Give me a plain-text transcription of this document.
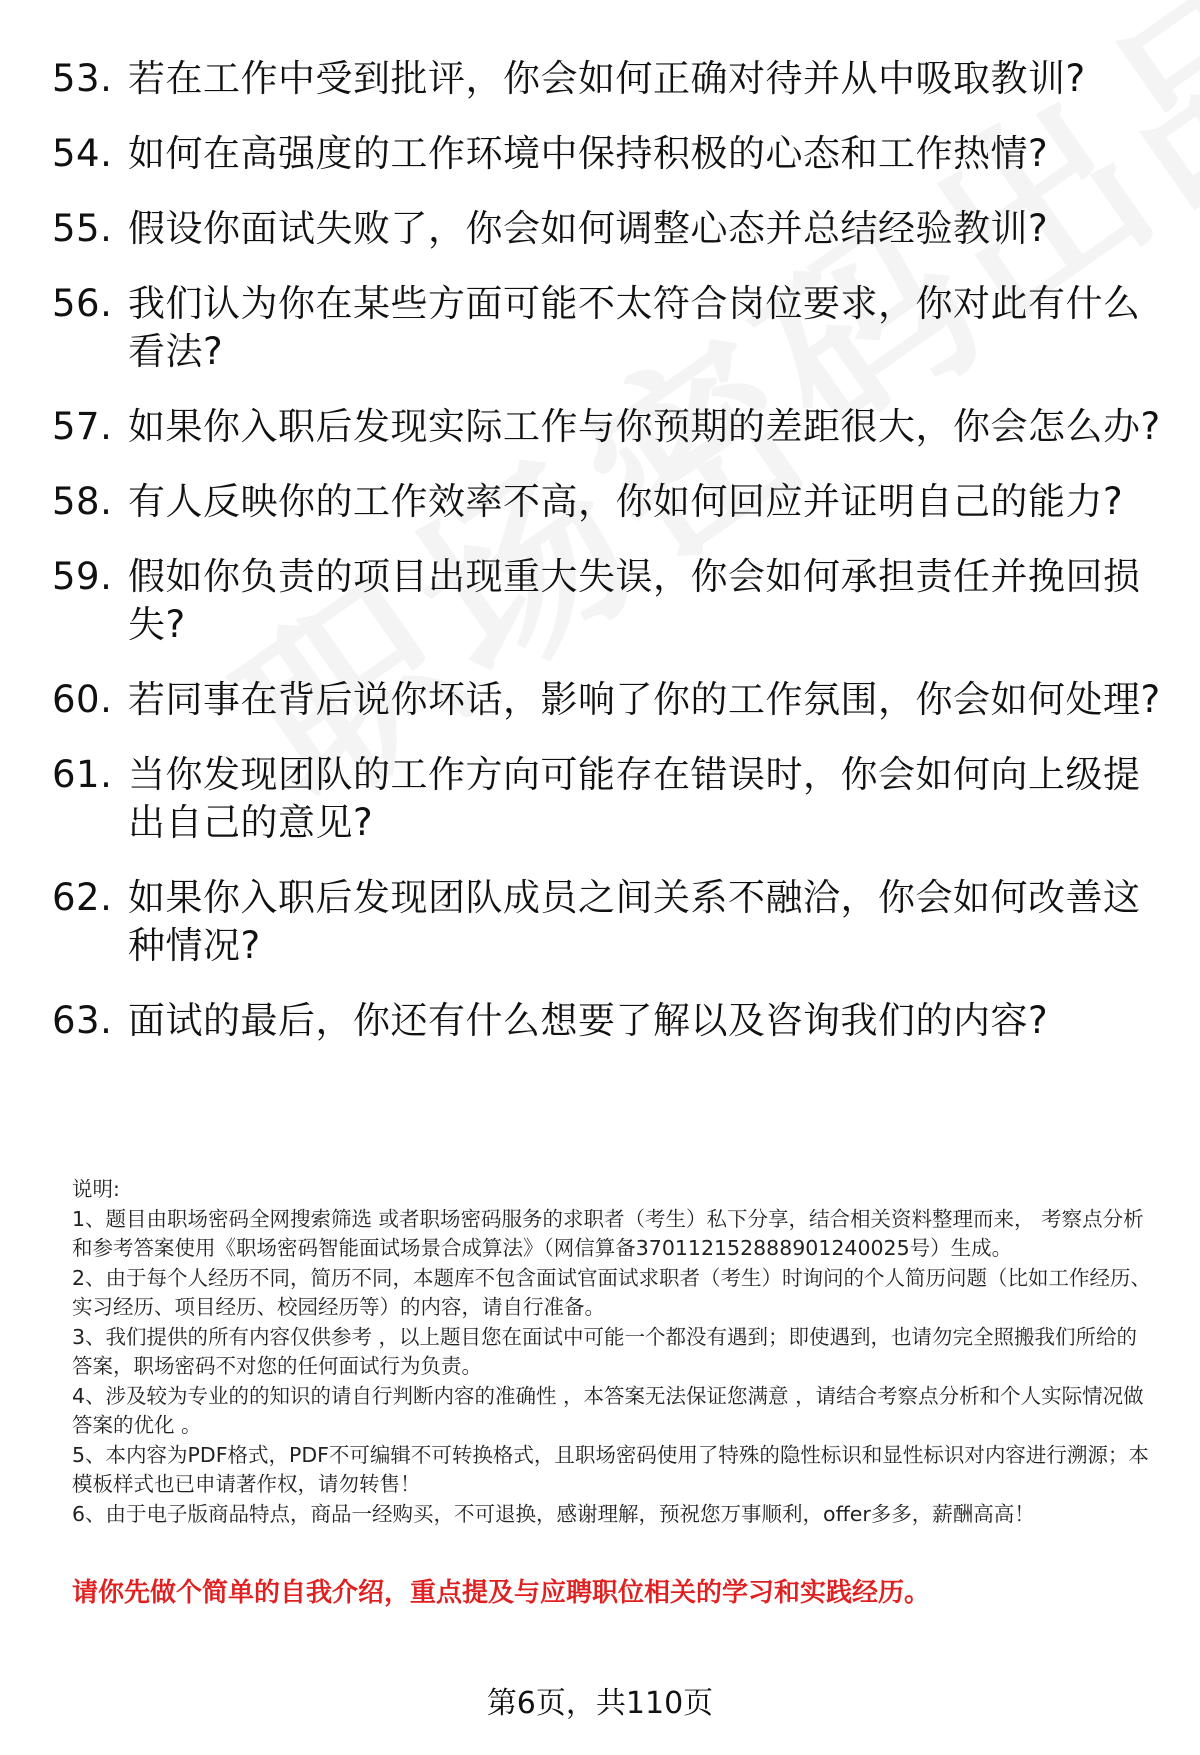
53. 若在工作中受到批评，你会如何正确对待并从中吸取教训?
54. 如何在高强度的工作环境中保持积极的心态和工作热情?
55. 假设你面试失败了，你会如何调整心态并总结经验教训?
56. 我们认为你在某些方面可能不太符合岗位要求，你对此有什么看法?
57. 如果你入职后发现实际工作与你预期的差距很大，你会怎么办?
58. 有人反映你的工作效率不高，你如何回应并证明自己的能力?
59. 假如你负责的项目出现重大失误，你会如何承担责任并挽回损失?
60. 若同事在背后说你坏话，影响了你的工作氛围，你会如何处理?
61. 当你发现团队的工作方向可能存在错误时，你会如何向上级提出自己的意见?
62. 如果你入职后发现团队成员之间关系不融洽，你会如何改善这种情况?
63. 面试的最后，你还有什么想要了解以及咨询我们的内容?

说明:

1、题目由职场密码全网搜索筛选 或者职场密码服务的求职者（考生）私下分享，结合相关资料整理而来， 考察点分析和参考答案使用《职场密码智能面试场景合成算法》（网信算备370112152888901240025号）生成。

2、由于每个人经历不同，简历不同，本题库不包含面试官面试求职者（考生）时询问的个人简历问题（比如工作经历、实习经历、项目经历、校园经历等）的内容，请自行准备。

3、我们提供的所有内容仅供参考 ，以上题目您在面试中可能一个都没有遇到；即使遇到，也请勿完全照搬我们所给的答案，职场密码不对您的任何面试行为负责。

4、涉及较为专业的的知识的请自行判断内容的准确性 ，本答案无法保证您满意 ，请结合考察点分析和个人实际情况做答案的优化 。

5、本内容为PDF格式，PDF不可编辑不可转换格式，且职场密码使用了特殊的隐性标识和显性标识对内容进行溯源；本模板样式也已申请著作权，请勿转售！

6、由于电子版商品特点，商品一经购买，不可退换，感谢理解，预祝您万事顺利，offer多多，薪酬高高！

请你先做个简单的自我介绍，重点提及与应聘职位相关的学习和实践经历。
第6页，共110页
